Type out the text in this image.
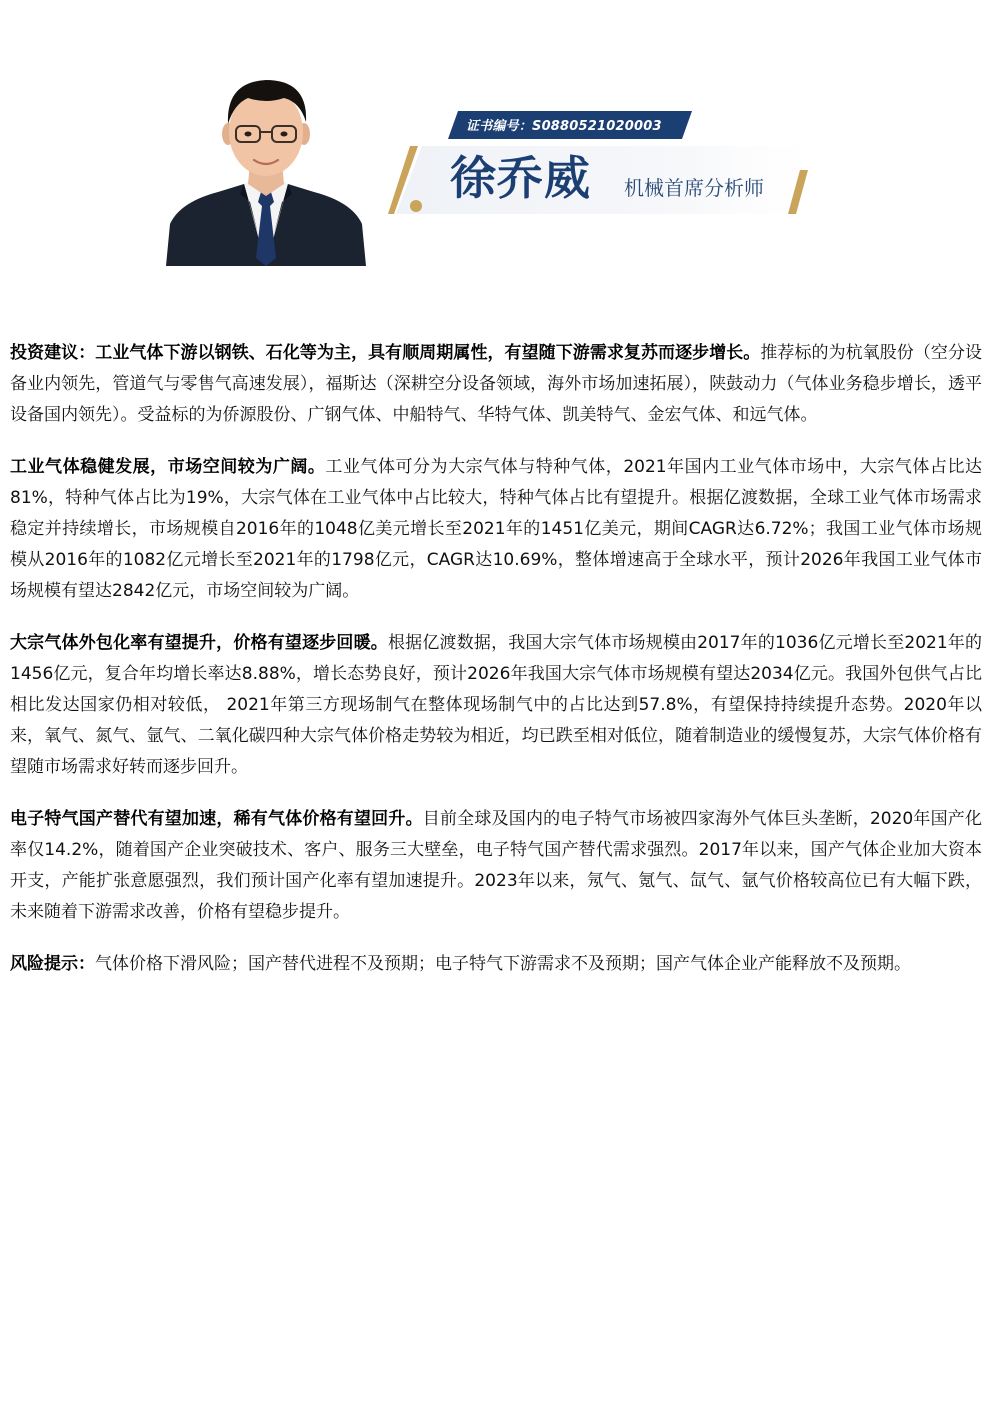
证书编号：S0880521020003
徐乔威 机械首席分析师

投资建议：工业气体下游以钢铁、石化等为主，具有顺周期属性，有望随下游需求复苏而逐步增长。推荐标的为杭氧股份（空分设备业内领先，管道气与零售气高速发展），福斯达（深耕空分设备领域，海外市场加速拓展），陕鼓动力（气体业务稳步增长，透平设备国内领先）。受益标的为侨源股份、广钢气体、中船特气、华特气体、凯美特气、金宏气体、和远气体。

工业气体稳健发展，市场空间较为广阔。工业气体可分为大宗气体与特种气体，2021年国内工业气体市场中，大宗气体占比达81%，特种气体占比为19%，大宗气体在工业气体中占比较大，特种气体占比有望提升。根据亿渡数据，全球工业气体市场需求稳定并持续增长，市场规模自2016年的1048亿美元增长至2021年的1451亿美元，期间CAGR达6.72%；我国工业气体市场规模从2016年的1082亿元增长至2021年的1798亿元，CAGR达10.69%，整体增速高于全球水平，预计2026年我国工业气体市场规模有望达2842亿元，市场空间较为广阔。

大宗气体外包化率有望提升，价格有望逐步回暖。根据亿渡数据，我国大宗气体市场规模由2017年的1036亿元增长至2021年的1456亿元，复合年均增长率达8.88%，增长态势良好，预计2026年我国大宗气体市场规模有望达2034亿元。我国外包供气占比相比发达国家仍相对较低， 2021年第三方现场制气在整体现场制气中的占比达到57.8%，有望保持持续提升态势。2020年以来，氧气、氮气、氩气、二氧化碳四种大宗气体价格走势较为相近，均已跌至相对低位，随着制造业的缓慢复苏，大宗气体价格有望随市场需求好转而逐步回升。

电子特气国产替代有望加速，稀有气体价格有望回升。目前全球及国内的电子特气市场被四家海外气体巨头垄断，2020年国产化率仅14.2%，随着国产企业突破技术、客户、服务三大壁垒，电子特气国产替代需求强烈。2017年以来，国产气体企业加大资本开支，产能扩张意愿强烈，我们预计国产化率有望加速提升。2023年以来，氖气、氪气、氙气、氩气价格较高位已有大幅下跌，未来随着下游需求改善，价格有望稳步提升。

风险提示：气体价格下滑风险；国产替代进程不及预期；电子特气下游需求不及预期；国产气体企业产能释放不及预期。
